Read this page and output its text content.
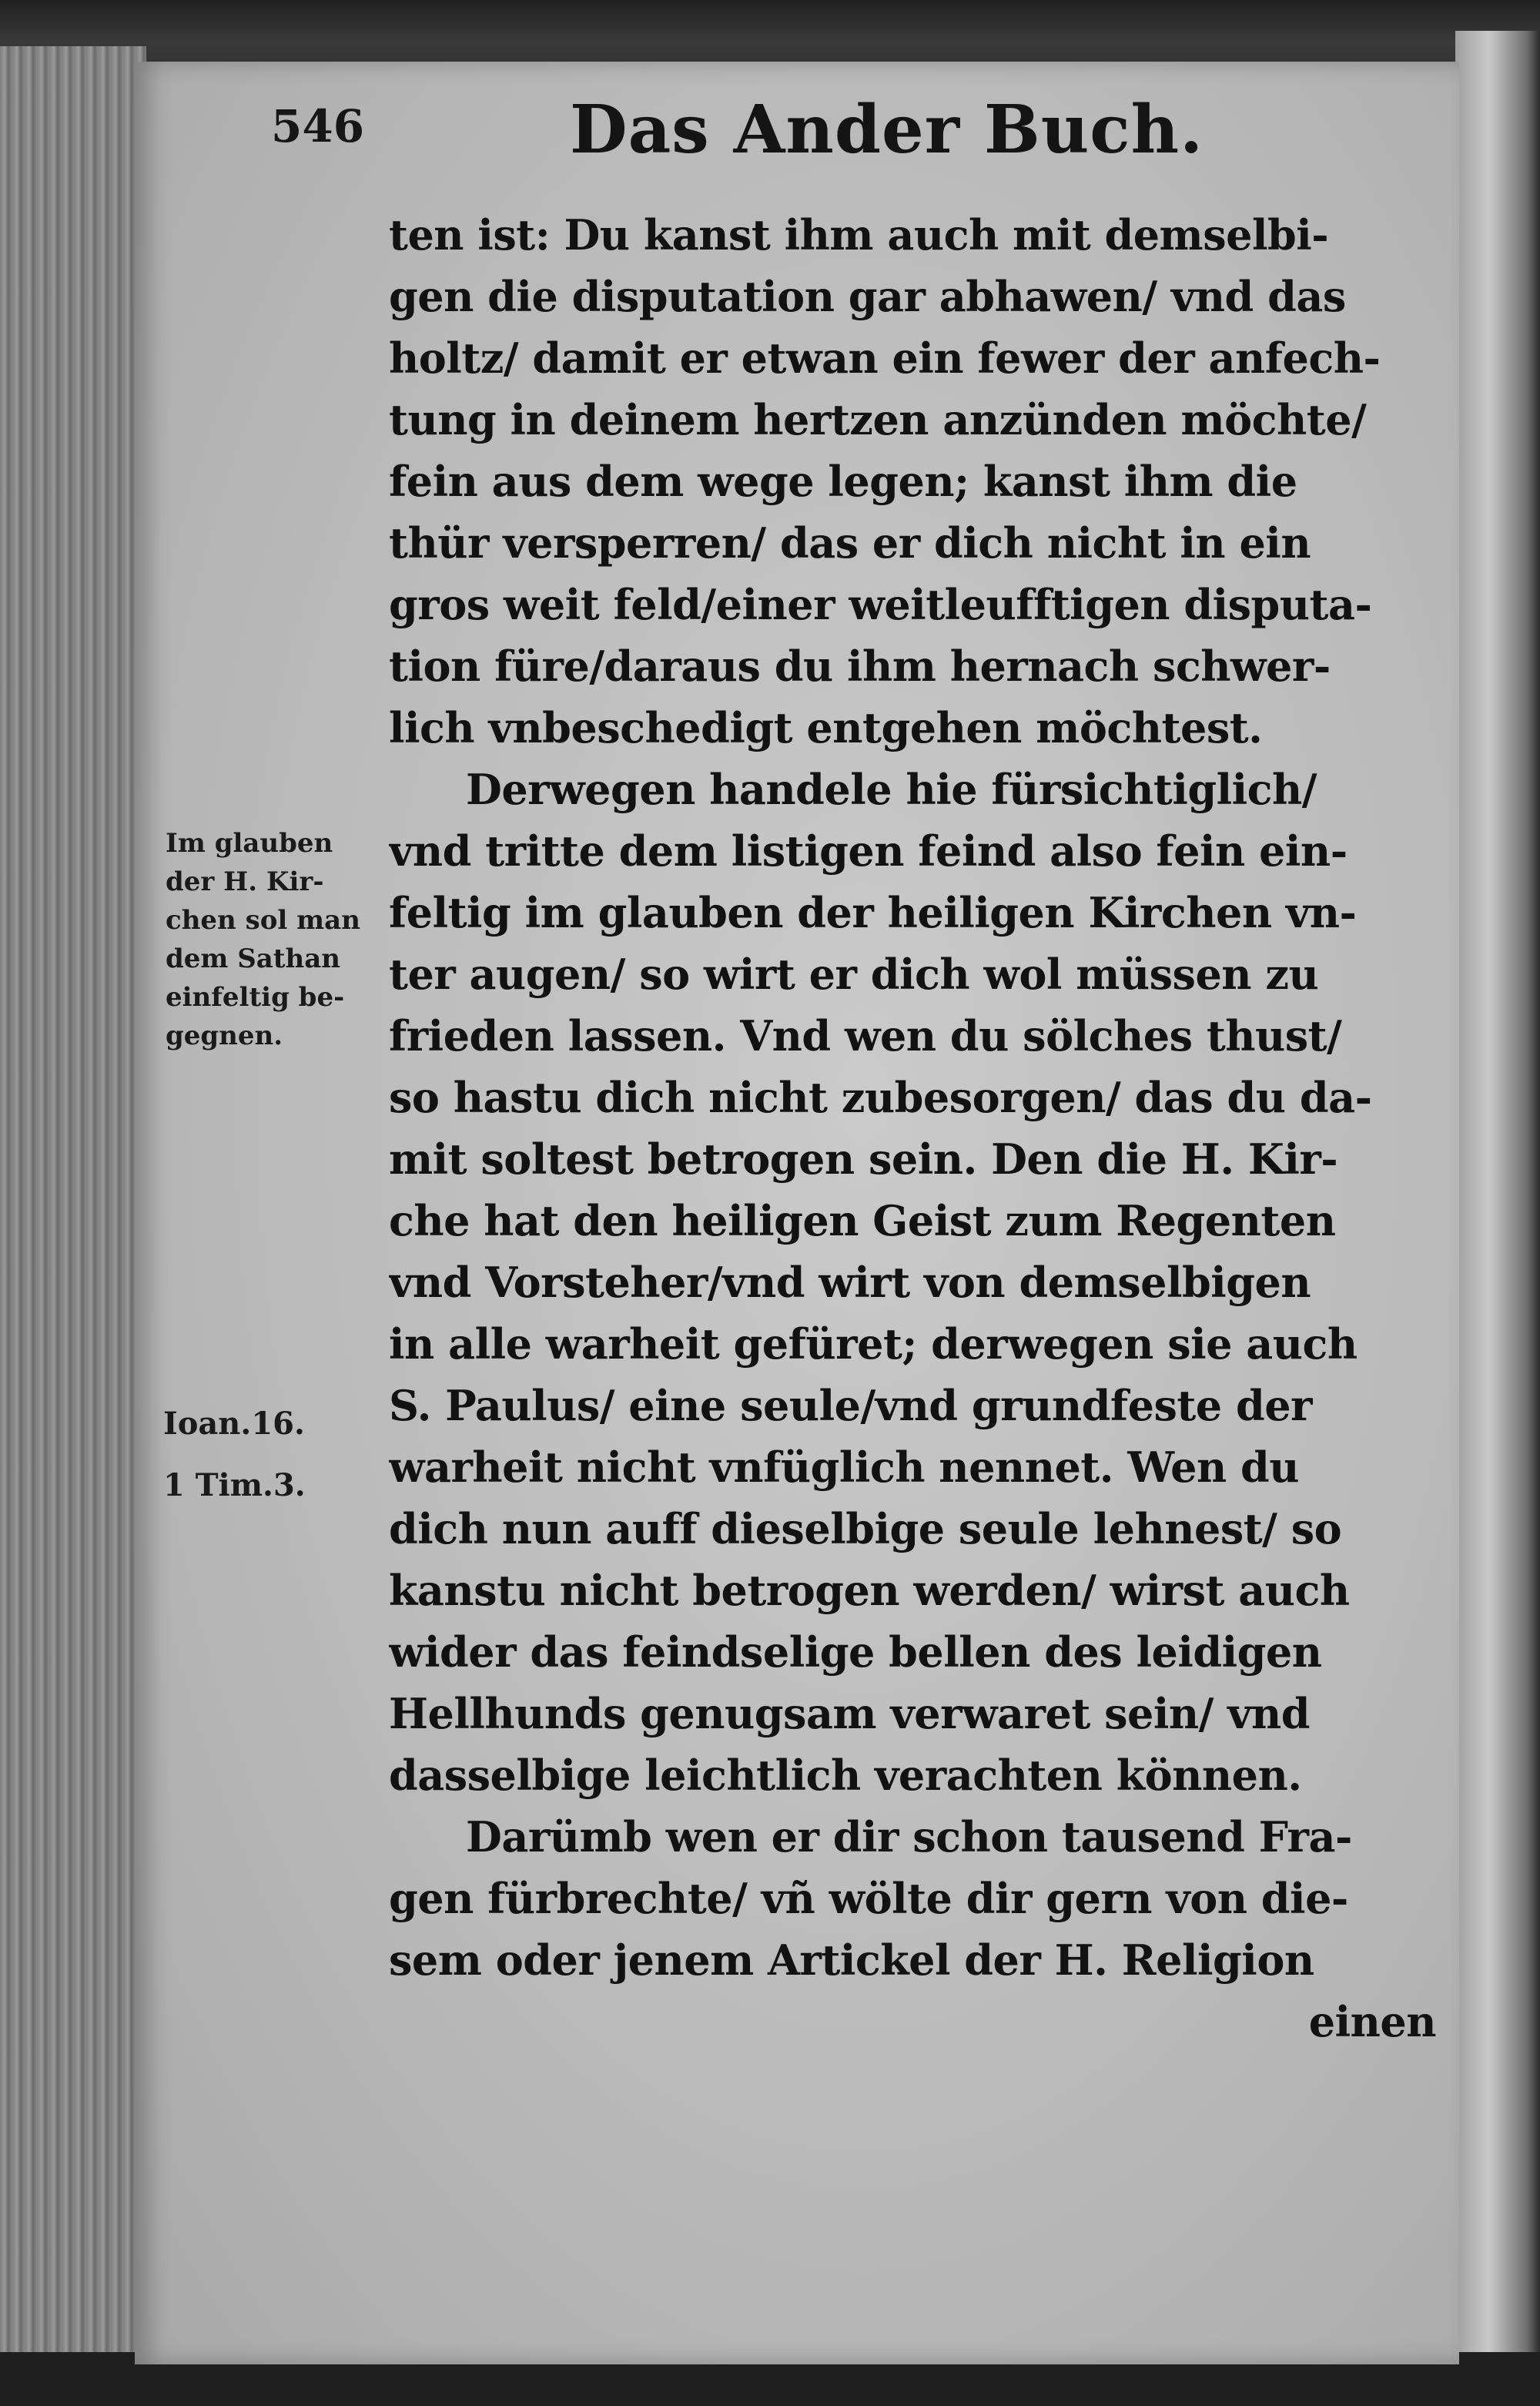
546	Das Ander Buch.
Im glauben
der H. Kir-
chen sol man
dem Sathan
einfeltig be-
gegnen.
Ioan.16.
1 Tim.3.
ten ist: Du kanst ihm auch mit demselbi-
gen die disputation gar abhawen/ vnd das
holtz/ damit er etwan ein fewer der anfech-
tung in deinem hertzen anzünden möchte/
fein aus dem wege legen; kanst ihm die
thür versperren/ das er dich nicht in ein
gros weit feld/einer weitleufftigen disputa-
tion füre/daraus du ihm hernach schwer-
lich vnbeschedigt entgehen möchtest.
Derwegen handele hie fürsichtiglich/
vnd tritte dem listigen feind also fein ein-
feltig im glauben der heiligen Kirchen vn-
ter augen/ so wirt er dich wol müssen zu
frieden lassen. Vnd wen du sölches thust/
so hastu dich nicht zubesorgen/ das du da-
mit soltest betrogen sein. Den die H. Kir-
che hat den heiligen Geist zum Regenten
vnd Vorsteher/vnd wirt von demselbigen
in alle warheit gefüret; derwegen sie auch
S. Paulus/ eine seule/vnd grundfeste der
warheit nicht vnfüglich nennet. Wen du
dich nun auff dieselbige seule lehnest/ so
kanstu nicht betrogen werden/ wirst auch
wider das feindselige bellen des leidigen
Hellhunds genugsam verwaret sein/ vnd
dasselbige leichtlich verachten können.
Darümb wen er dir schon tausend Fra-
gen fürbrechte/ vñ wölte dir gern von die-
sem oder jenem Artickel der H. Religion
einen
